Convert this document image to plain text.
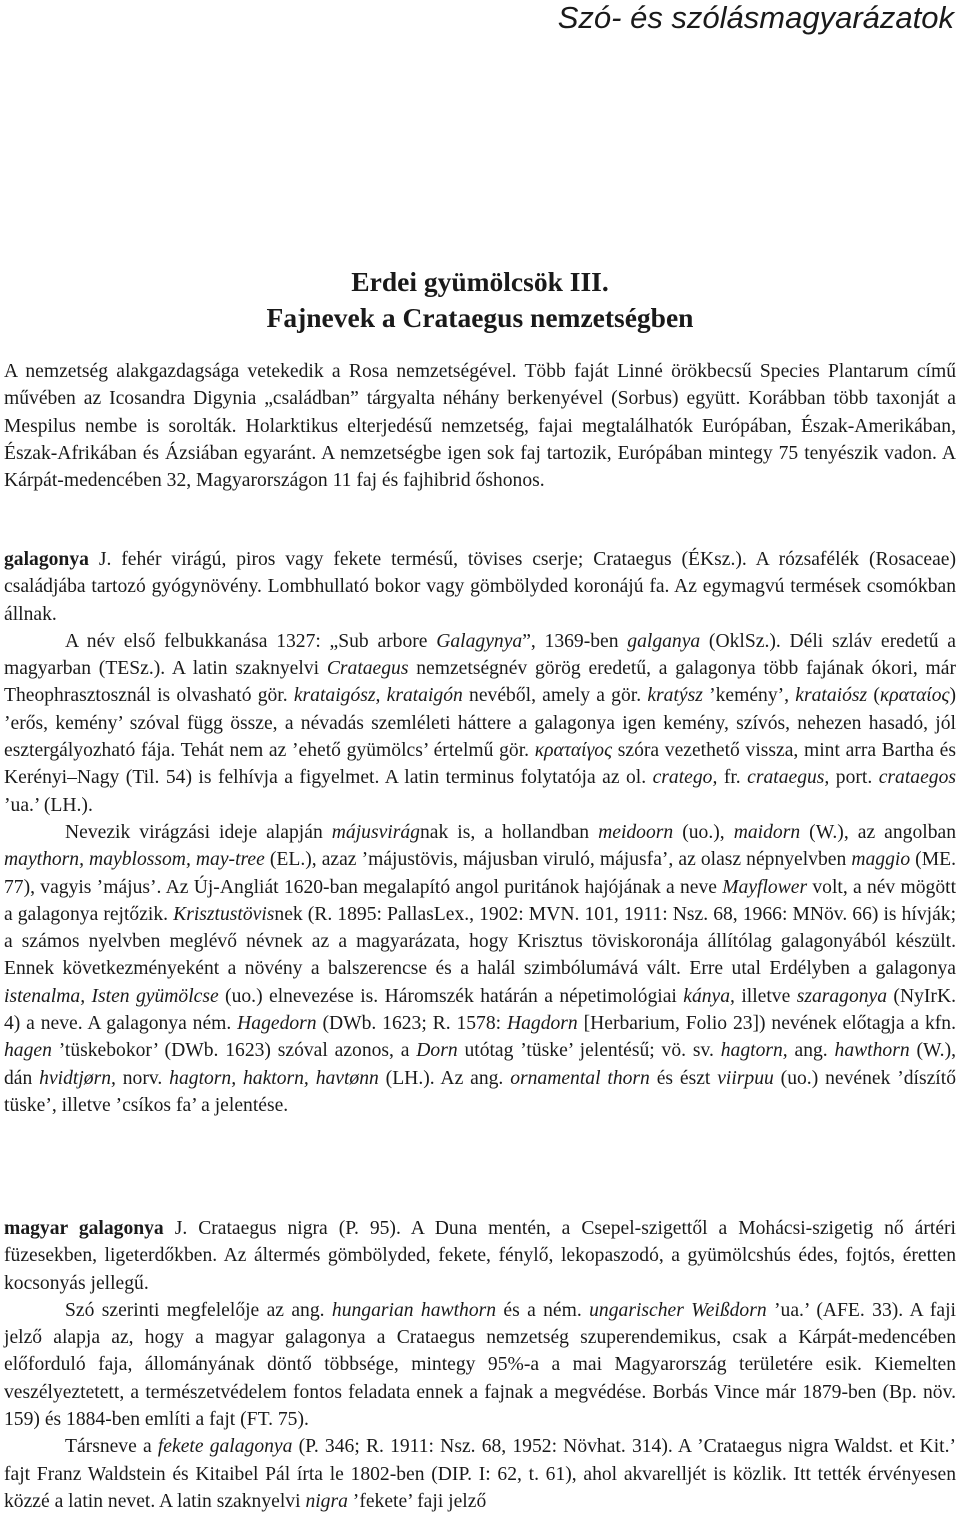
Szó- és szólásmagyarázatok
Erdei gyümölcsök III.
Fajnevek a Crataegus nemzetségben

A nemzetség alakgazdagsága vetekedik a Rosa nemzetségével. Több faját Linné örökbecsű Species Plantarum című művében az Icosandra Digynia „családban” tárgyalta néhány berkenyével (Sorbus) együtt. Korábban több taxonját a Mespilus nembe is sorolták. Holarktikus elterjedésű nemzetség, fajai megtalálhatók Európában, Észak-Amerikában, Észak-Afrikában és Ázsiában egyaránt. A nemzetségbe igen sok faj tartozik, Európában mintegy 75 tenyészik vadon. A Kárpát-medencében 32, Magyarországon 11 faj és fajhibrid őshonos.

galagonya J. fehér virágú, piros vagy fekete termésű, tövises cserje; Crataegus (ÉKsz.). A rózsafélék (Rosaceae) családjába tartozó gyógynövény. Lombhullató bokor vagy gömbölyded koronájú fa. Az egymagvú termések csomókban állnak.

A név első felbukkanása 1327: „Sub arbore Galagynya”, 1369-ben galganya (OklSz.). Déli szláv eredetű a magyarban (TESz.). A latin szaknyelvi Crataegus nemzetségnév görög eredetű, a galagonya több fajának ókori, már Theophrasztosznál is olvasható gör. krataigósz, krataigón nevéből, amely a gör. kratýsz ’kemény’, krataiósz (κραταίος) ’erős, kemény’ szóval függ össze, a névadás szemléleti háttere a galagonya igen kemény, szívós, nehezen hasadó, jól esztergályozható fája. Tehát nem az ’ehető gyümölcs’ értelmű gör. κραταίγος szóra vezethető vissza, mint arra Bartha és Kerényi–Nagy (Til. 54) is felhívja a figyelmet. A latin terminus folytatója az ol. cratego, fr. crataegus, port. crataegos ’ua.’ (LH.).

Nevezik virágzási ideje alapján májusvirágnak is, a hollandban meidoorn (uo.), maidorn (W.), az angolban maythorn, mayblossom, may-tree (EL.), azaz ’májustövis, májusban viruló, májusfa’, az olasz népnyelvben maggio (ME. 77), vagyis ’május’. Az Új-Angliát 1620-ban megalapító angol puritánok hajójának a neve Mayflower volt, a név mögött a galagonya rejtőzik. Krisztustövisnek (R. 1895: PallasLex., 1902: MVN. 101, 1911: Nsz. 68, 1966: MNöv. 66) is hívják; a számos nyelvben meglévő névnek az a magyarázata, hogy Krisztus töviskoronája állítólag galagonyából készült. Ennek következményeként a növény a balszerencse és a halál szimbólumává vált. Erre utal Erdélyben a galagonya istenalma, Isten gyümölcse (uo.) elnevezése is. Háromszék határán a népetimológiai kánya, illetve szaragonya (NyIrK. 4) a neve. A galagonya ném. Hagedorn (DWb. 1623; R. 1578: Hagdorn [Herbarium, Folio 23]) nevének előtagja a kfn. hagen ’tüskebokor’ (DWb. 1623) szóval azonos, a Dorn utótag ’tüske’ jelentésű; vö. sv. hagtorn, ang. hawthorn (W.), dán hvidtjørn, norv. hagtorn, haktorn, havtønn (LH.). Az ang. ornamental thorn és észt viirpuu (uo.) nevének ’díszítő tüske’, illetve ’csíkos fa’ a jelentése.

magyar galagonya J. Crataegus nigra (P. 95). A Duna mentén, a Csepel-szigettől a Mohácsi-szigetig nő ártéri füzesekben, ligeterdőkben. Az áltermés gömbölyded, fekete, fénylő, lekopaszodó, a gyümölcshús édes, fojtós, éretten kocsonyás jellegű.

Szó szerinti megfelelője az ang. hungarian hawthorn és a ném. ungarischer Weißdorn ’ua.’ (AFE. 33). A faji jelző alapja az, hogy a magyar galagonya a Crataegus nemzetség szuperendemikus, csak a Kárpát-medencében előforduló faja, állományának döntő többsége, mintegy 95%-a a mai Magyarország területére esik. Kiemelten veszélyeztetett, a természetvédelem fontos feladata ennek a fajnak a megvédése. Borbás Vince már 1879-ben (Bp. növ. 159) és 1884-ben említi a fajt (FT. 75).

Társneve a fekete galagonya (P. 346; R. 1911: Nsz. 68, 1952: Növhat. 314). A ’Crataegus nigra Waldst. et Kit.’ fajt Franz Waldstein és Kitaibel Pál írta le 1802-ben (DIP. I: 62, t. 61), ahol akvarelljét is közlik. Itt tették érvényesen közzé a latin nevet. A latin szaknyelvi nigra ’fekete’ faji jelző
